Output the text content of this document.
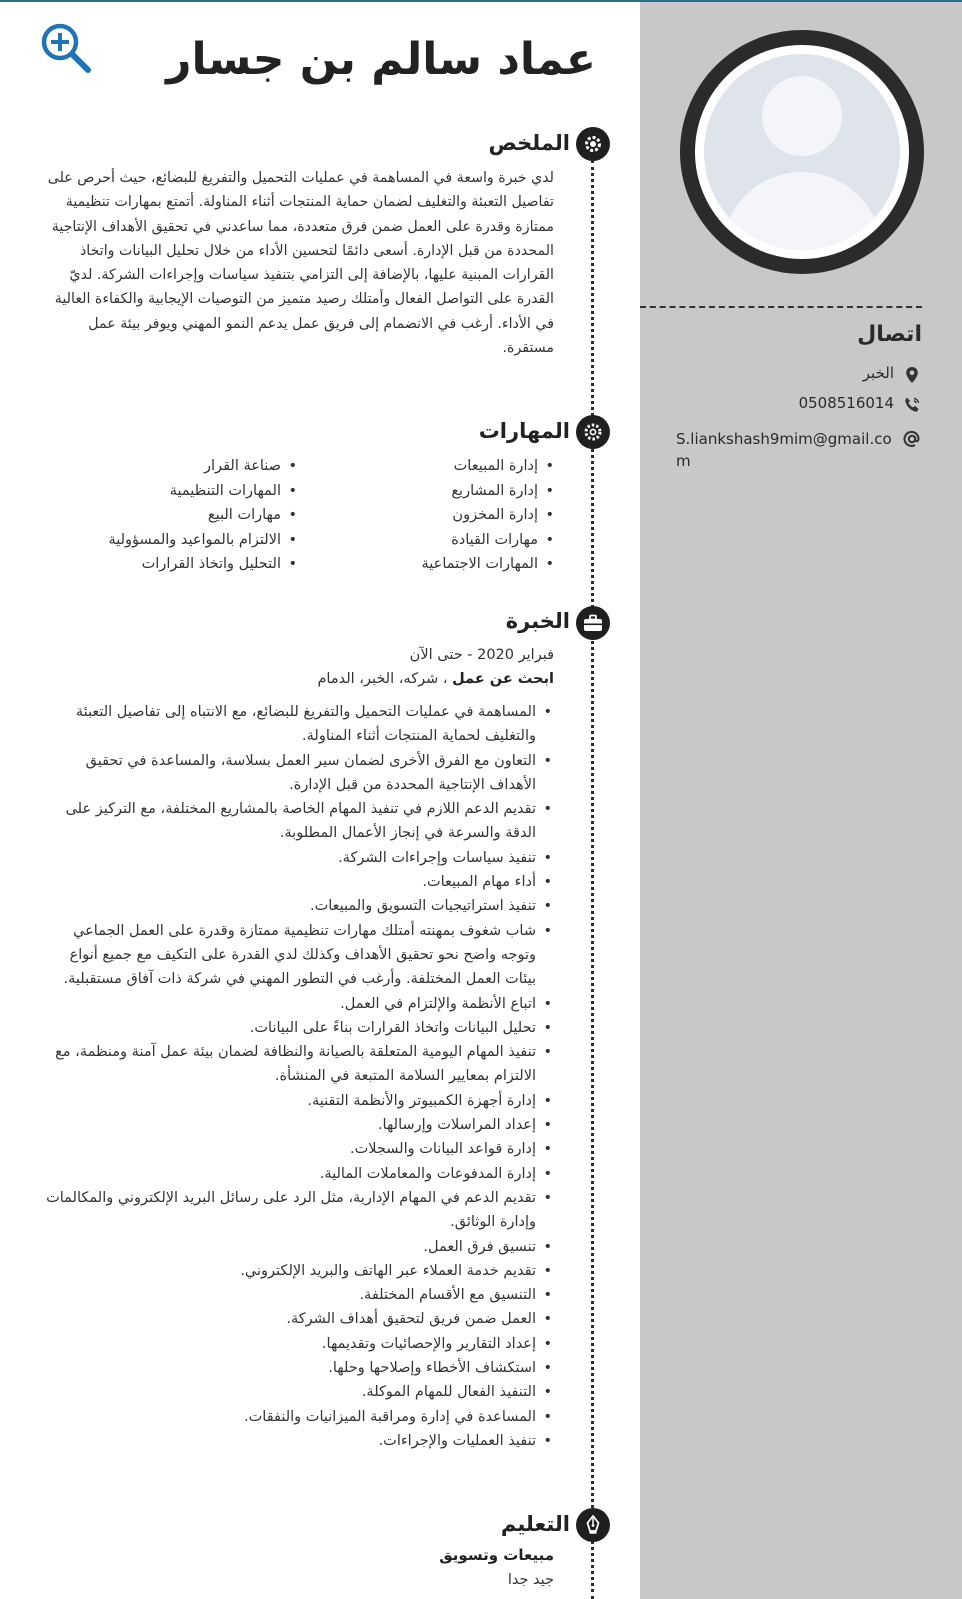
اتصال
الخبر
0508516014
S.liankshash9mim@gmail.com
عماد سالم بن جسار
الملخص
لدي خبرة واسعة في المساهمة في عمليات التحميل والتفريغ للبضائع، حيث أحرص على تفاصيل التعبئة والتغليف لضمان حماية المنتجات أثناء المناولة. أتمتع بمهارات تنظيمية ممتازة وقدرة على العمل ضمن فرق متعددة، مما ساعدني في تحقيق الأهداف الإنتاجية المحددة من قبل الإدارة. أسعى دائمًا لتحسين الأداء من خلال تحليل البيانات واتخاذ القرارات المبنية عليها، بالإضافة إلى التزامي بتنفيذ سياسات وإجراءات الشركة. لديّ القدرة على التواصل الفعال وأمتلك رصيد متميز من التوصيات الإيجابية والكفاءة العالية في الأداء. أرغب في الانضمام إلى فريق عمل يدعم النمو المهني ويوفر بيئة عمل مستقرة.
المهارات
• إدارة المبيعات
• إدارة المشاريع
• إدارة المخزون
• مهارات القيادة
• المهارات الاجتماعية
• صناعة القرار
• المهارات التنظيمية
• مهارات البيع
• الالتزام بالمواعيد والمسؤولية
• التحليل واتخاذ القرارات
الخبرة
فبراير 2020 - حتى الآن
ابحث عن عمل ، شركه، الخبر، الدمام
• المساهمة في عمليات التحميل والتفريغ للبضائع، مع الانتباه إلى تفاصيل التعبئة والتغليف لحماية المنتجات أثناء المناولة.
• التعاون مع الفرق الأخرى لضمان سير العمل بسلاسة، والمساعدة في تحقيق الأهداف الإنتاجية المحددة من قبل الإدارة.
• تقديم الدعم اللازم في تنفيذ المهام الخاصة بالمشاريع المختلفة، مع التركيز على الدقة والسرعة في إنجاز الأعمال المطلوبة.
• تنفيذ سياسات وإجراءات الشركة.
• أداء مهام المبيعات.
• تنفيذ استراتيجيات التسويق والمبيعات.
• شاب شغوف بمهنته أمتلك مهارات تنظيمية ممتازة وقدرة على العمل الجماعي وتوجه واضح نحو تحقيق الأهداف وكذلك لدي القدرة على التكيف مع جميع أنواع بيئات العمل المختلفة. وأرغب في التطور المهني في شركة ذات آفاق مستقبلية.
• اتباع الأنظمة والإلتزام في العمل.
• تحليل البيانات واتخاذ القرارات بناءً على البيانات.
• تنفيذ المهام اليومية المتعلقة بالصيانة والنظافة لضمان بيئة عمل آمنة ومنظمة، مع الالتزام بمعايير السلامة المتبعة في المنشأة.
• إدارة أجهزة الكمبيوتر والأنظمة التقنية.
• إعداد المراسلات وإرسالها.
• إدارة قواعد البيانات والسجلات.
• إدارة المدفوعات والمعاملات المالية.
• تقديم الدعم في المهام الإدارية، مثل الرد على رسائل البريد الإلكتروني والمكالمات وإدارة الوثائق.
• تنسيق فرق العمل.
• تقديم خدمة العملاء عبر الهاتف والبريد الإلكتروني.
• التنسيق مع الأقسام المختلفة.
• العمل ضمن فريق لتحقيق أهداف الشركة.
• إعداد التقارير والإحصائيات وتقديمها.
• استكشاف الأخطاء وإصلاحها وحلها.
• التنفيذ الفعال للمهام الموكلة.
• المساعدة في إدارة ومراقبة الميزانيات والنفقات.
• تنفيذ العمليات والإجراءات.
التعليم
مبيعات وتسويق
جيد جدا
